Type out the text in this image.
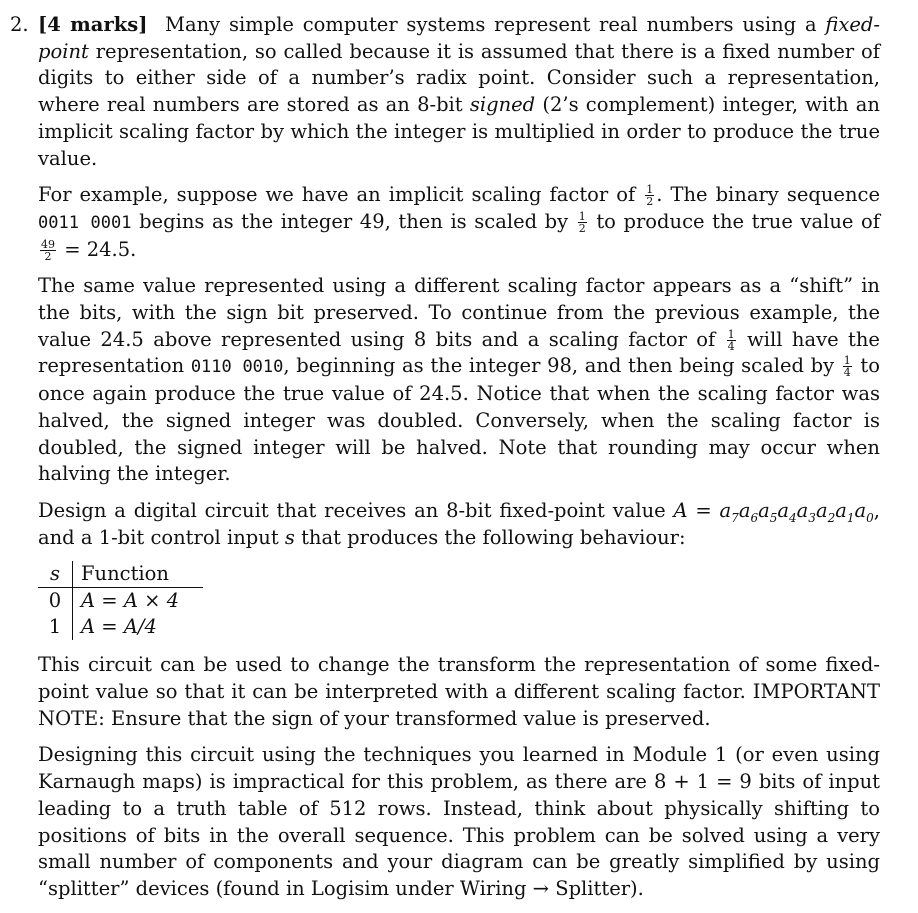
2. [4 marks] Many simple computer systems represent real numbers using a fixed-point representation, so called because it is assumed that there is a fixed number of digits to either side of a number’s radix point. Consider such a representation, where real numbers are stored as an 8-bit signed (2’s complement) integer, with an implicit scaling factor by which the integer is multiplied in order to produce the true value.

For example, suppose we have an implicit scaling factor of $\frac{1}{2}$ . The binary sequence 0011 0001 begins as the integer 49, then is scaled by $\frac{1}{2}$ to produce the true value of
$\frac{49}{2} = 24.5$.

The same value represented using a different scaling factor appears as a “shift” in the bits, with the sign bit preserved. To continue from the previous example, the value 24.5 above represented using 8 bits and a scaling factor of $\frac{1}{4}$ will have the representation 0110 0010, beginning as the integer 98, and then being scaled by $\frac{1}{4}$ to once again produce the true value of 24.5. Notice that when the scaling factor was halved, the signed integer was doubled. Conversely, when the scaling factor is doubled, the signed integer will be halved. Note that rounding may occur when halving the integer.

Design a digital circuit that receives an 8-bit fixed-point value $A = a_7a_6a_5a_4a_3a_2a_1a_0$, and a 1-bit control input s that produces the following behaviour:

s	Function
0	A = A × 4
1	A = A/4

This circuit can be used to change the transform the representation of some fixed-point value so that it can be interpreted with a different scaling factor. IMPORTANT NOTE: Ensure that the sign of your transformed value is preserved.

Designing this circuit using the techniques you learned in Module 1 (or even using Karnaugh maps) is impractical for this problem, as there are 8 + 1 = 9 bits of input leading to a truth table of 512 rows. Instead, think about physically shifting to positions of bits in the overall sequence. This problem can be solved using a very small number of components and your diagram can be greatly simplified by using “splitter” devices (found in Logisim under Wiring → Splitter).
